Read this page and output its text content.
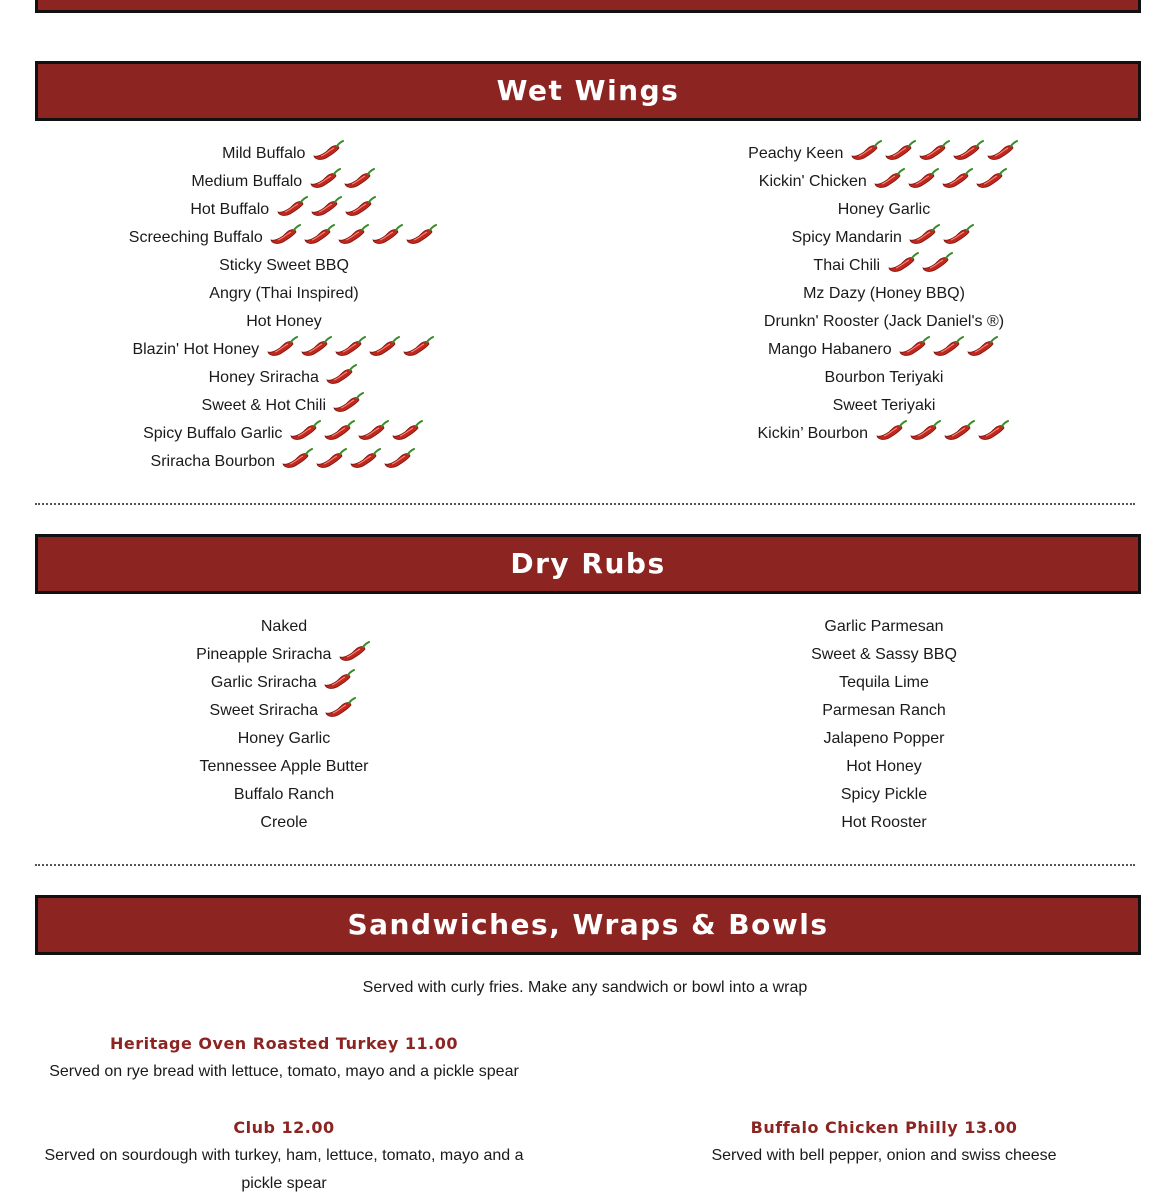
Wet Wings
Mild Buffalo
Medium Buffalo
Hot Buffalo
Screeching Buffalo
Sticky Sweet BBQ
Angry (Thai Inspired)
Hot Honey
Blazin' Hot Honey
Honey Sriracha
Sweet & Hot Chili
Spicy Buffalo Garlic
Sriracha Bourbon
Peachy Keen
Kickin' Chicken
Honey Garlic
Spicy Mandarin
Thai Chili
Mz Dazy (Honey BBQ)
Drunkn' Rooster (Jack Daniel's ®)
Mango Habanero
Bourbon Teriyaki
Sweet Teriyaki
Kickin’ Bourbon
Dry Rubs
Naked
Pineapple Sriracha
Garlic Sriracha
Sweet Sriracha
Honey Garlic
Tennessee Apple Butter
Buffalo Ranch
Creole
Garlic Parmesan
Sweet & Sassy BBQ
Tequila Lime
Parmesan Ranch
Jalapeno Popper
Hot Honey
Spicy Pickle
Hot Rooster
Sandwiches, Wraps & Bowls
Served with curly fries. Make any sandwich or bowl into a wrap
Heritage Oven Roasted Turkey 11.00
Served on rye bread with lettuce, tomato, mayo and a pickle spear
Club 12.00
Served on sourdough with turkey, ham, lettuce, tomato, mayo and a pickle spear
Buffalo Chicken Philly 13.00
Served with bell pepper, onion and swiss cheese
